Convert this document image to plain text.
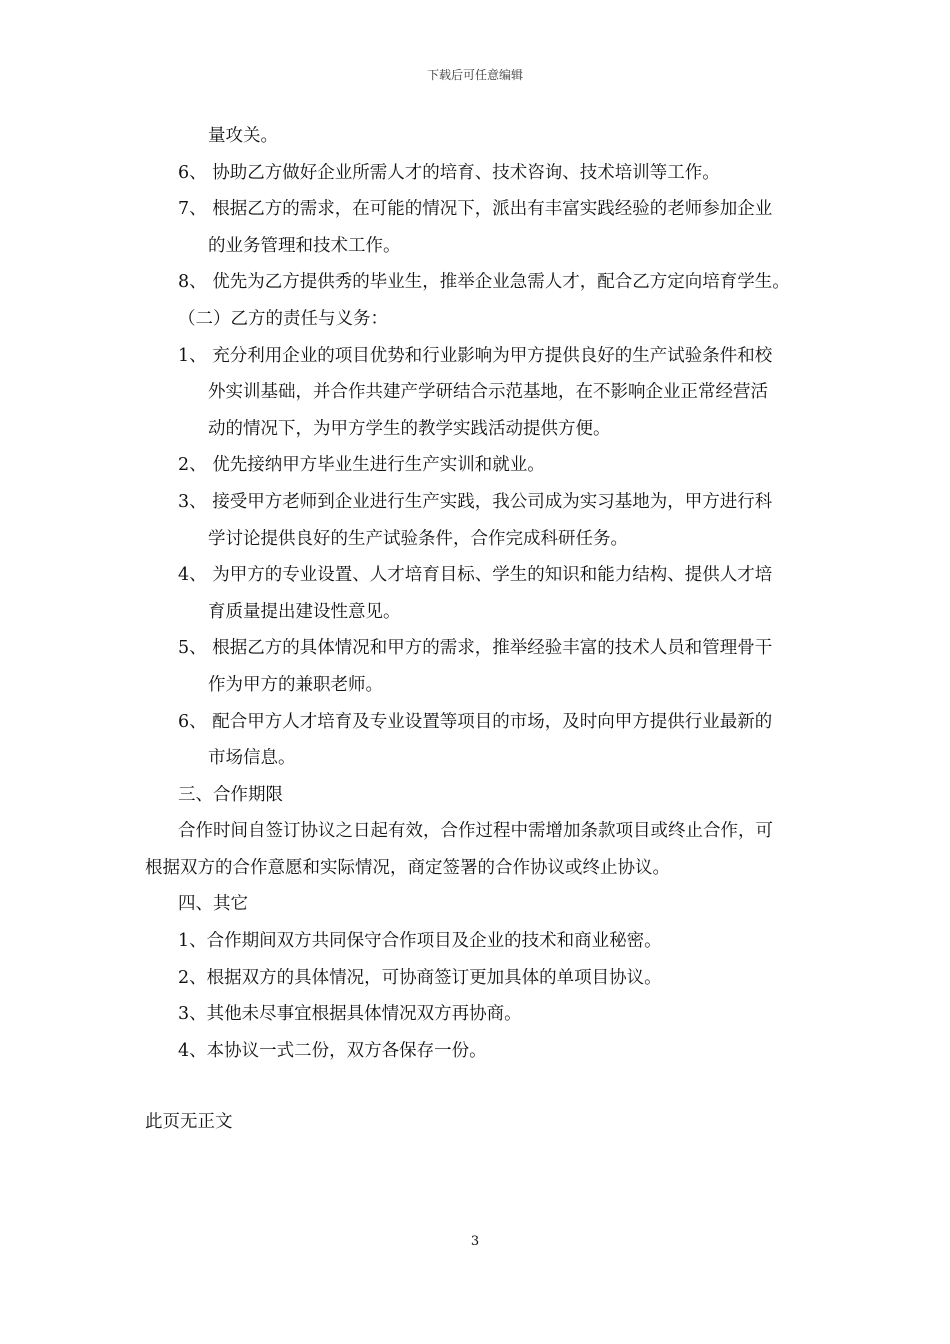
下载后可任意编辑
量攻关。
6、 协助乙方做好企业所需人才的培育、技术咨询、技术培训等工作。
7、 根据乙方的需求，在可能的情况下，派出有丰富实践经验的老师参加企业
的业务管理和技术工作。
8、 优先为乙方提供秀的毕业生，推举企业急需人才，配合乙方定向培育学生。
（二）乙方的责任与义务：
1、 充分利用企业的项目优势和行业影响为甲方提供良好的生产试验条件和校
外实训基础，并合作共建产学研结合示范基地，在不影响企业正常经营活
动的情况下，为甲方学生的教学实践活动提供方便。
2、 优先接纳甲方毕业生进行生产实训和就业。
3、 接受甲方老师到企业进行生产实践，我公司成为实习基地为，甲方进行科
学讨论提供良好的生产试验条件，合作完成科研任务。
4、 为甲方的专业设置、人才培育目标、学生的知识和能力结构、提供人才培
育质量提出建设性意见。
5、 根据乙方的具体情况和甲方的需求，推举经验丰富的技术人员和管理骨干
作为甲方的兼职老师。
6、 配合甲方人才培育及专业设置等项目的市场，及时向甲方提供行业最新的
市场信息。
三、合作期限
合作时间自签订协议之日起有效，合作过程中需增加条款项目或终止合作，可
根据双方的合作意愿和实际情况，商定签署的合作协议或终止协议。
四、其它
1、合作期间双方共同保守合作项目及企业的技术和商业秘密。
2、根据双方的具体情况，可协商签订更加具体的单项目协议。
3、其他未尽事宜根据具体情况双方再协商。
4、本协议一式二份，双方各保存一份。
此页无正文
3
